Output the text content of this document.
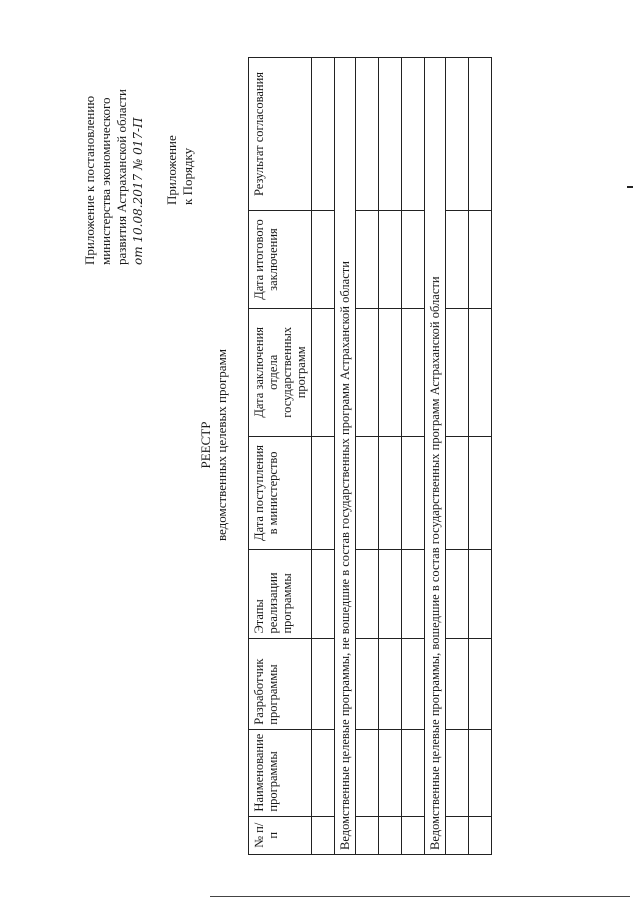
Приложение к постановлению министерства экономического развития Астраханской области от 10.08.2017 № 017-П Приложение к Порядку
РЕЕСТР ведомственных целевых программ
№ п/п	Наименование программы	Разработчик программы	Этапы реализации программы	Дата поступления в министерство	Дата заключения отдела государственных программ	Дата итогового заключения	Результат согласования

Ведомственные целевые программы, не вошедшие в состав государственных программ Астраханской области							

Ведомственные целевые программы, вошедшие в состав государственных программ Астраханской области							
